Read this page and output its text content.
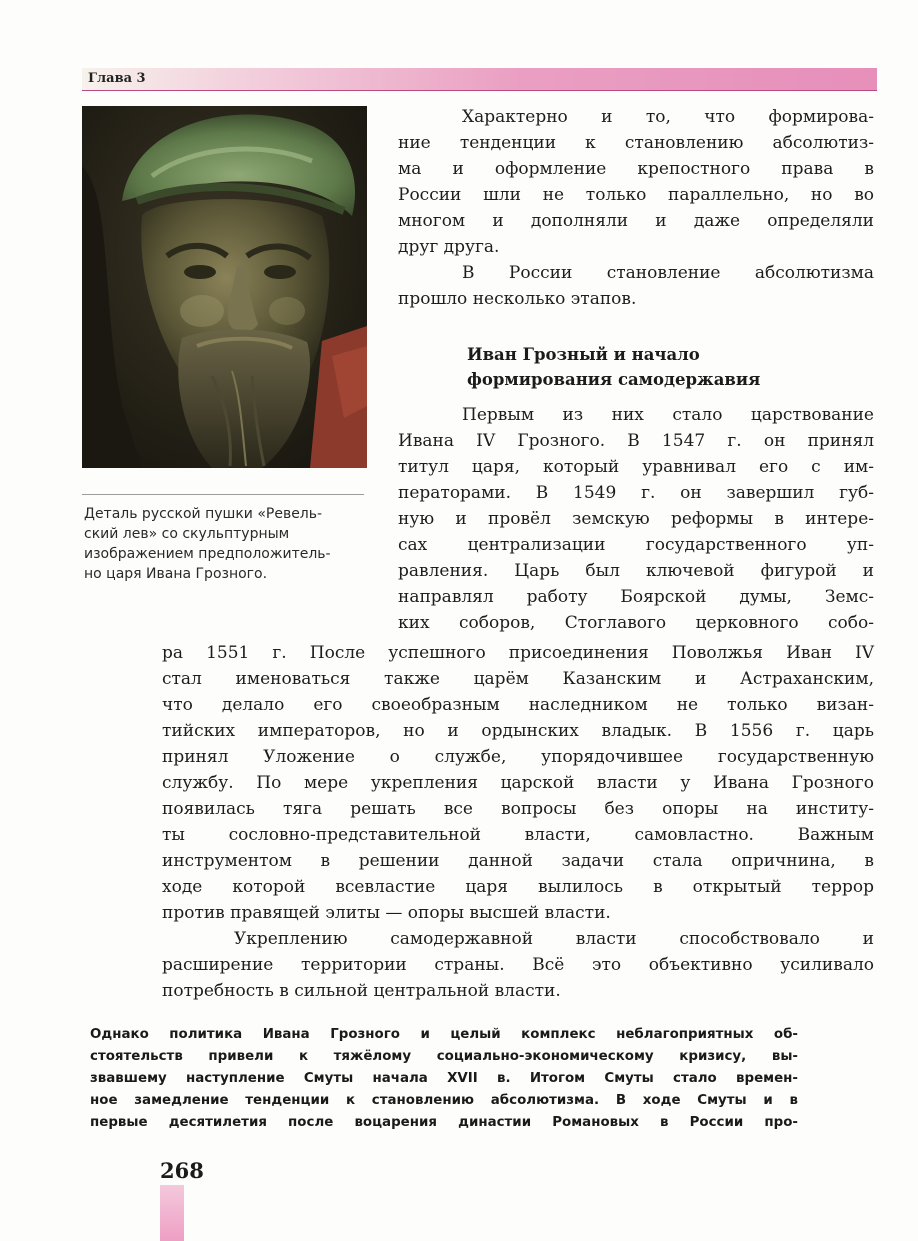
Глава 3
Деталь русской пушки «Ревель-
ский лев» со скульптурным
изображением предположитель-
но царя Ивана Грозного.
Характерно и то, что формирова-
ние тенденции к становлению абсолютиз-
ма и оформление крепостного права в
России шли не только параллельно, но во
многом и дополняли и даже определяли
друг друга.
В России становление абсолютизма
прошло несколько этапов.
Иван Грозный и начало
формирования самодержавия
Первым из них стало царствование
Ивана IV Грозного. В 1547 г. он принял
титул царя, который уравнивал его с им-
ператорами. В 1549 г. он завершил губ-
ную и провёл земскую реформы в интере-
сах централизации государственного уп-
равления. Царь был ключевой фигурой и
направлял работу Боярской думы, Земс-
ких соборов, Стоглавого церковного собо-
ра 1551 г. После успешного присоединения Поволжья Иван IV
стал именоваться также царём Казанским и Астраханским,
что делало его своеобразным наследником не только визан-
тийских императоров, но и ордынских владык. В 1556 г. царь
принял Уложение о службе, упорядочившее государственную
службу. По мере укрепления царской власти у Ивана Грозного
появилась тяга решать все вопросы без опоры на институ-
ты сословно-представительной власти, самовластно. Важным
инструментом в решении данной задачи стала опричнина, в
ходе которой всевластие царя вылилось в открытый террор
против правящей элиты — опоры высшей власти.
Укреплению самодержавной власти способствовало и
расширение территории страны. Всё это объективно усиливало
потребность в сильной центральной власти.
Однако политика Ивана Грозного и целый комплекс неблагоприятных об-
стоятельств привели к тяжёлому социально-экономическому кризису, вы-
звавшему наступление Смуты начала XVII в. Итогом Смуты стало времен-
ное замедление тенденции к становлению абсолютизма. В ходе Смуты и в
первые десятилетия после воцарения династии Романовых в России про-
268
